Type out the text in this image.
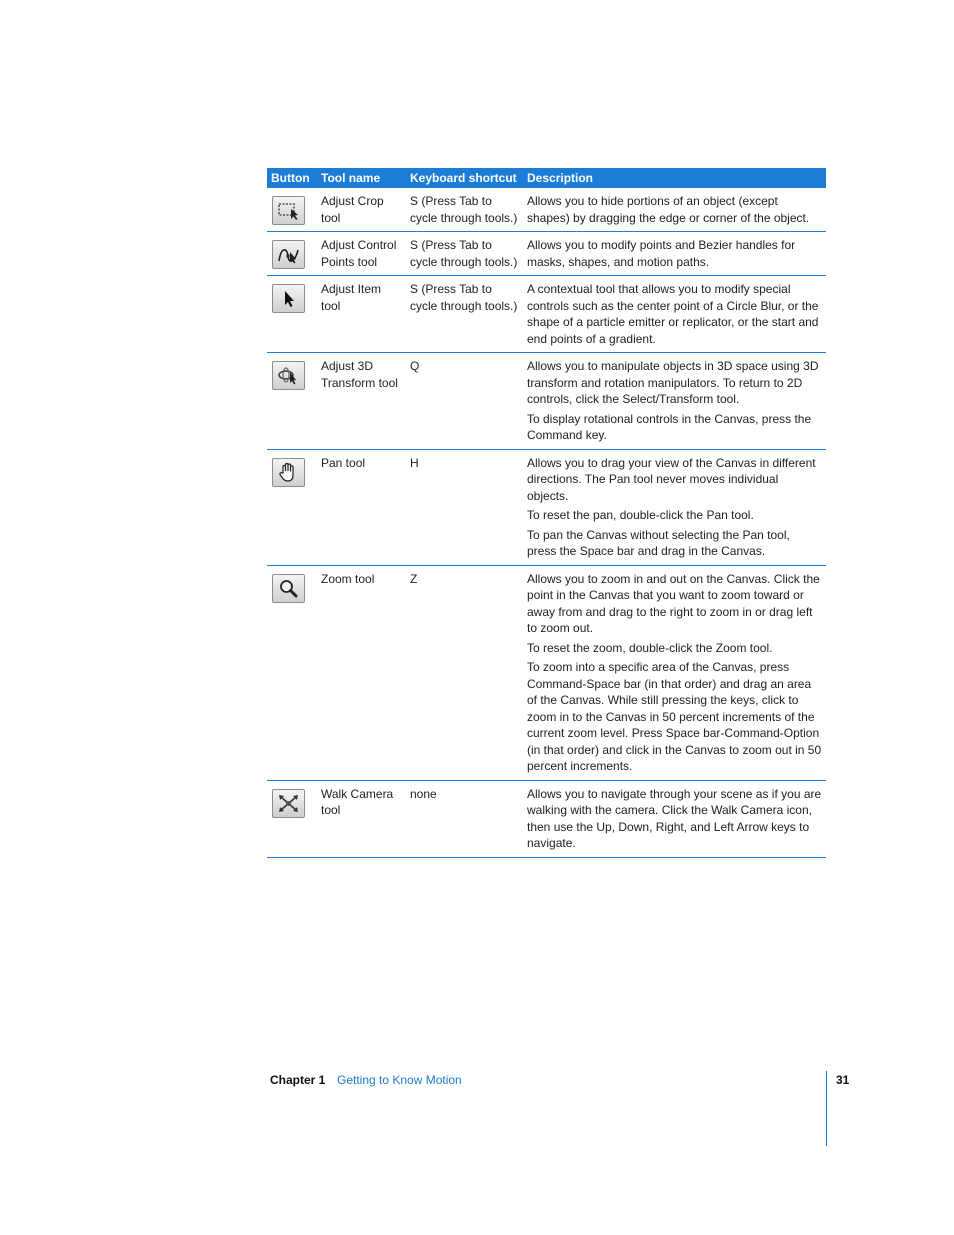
Button	Tool name	Keyboard shortcut	Description

	Adjust Crop tool	S (Press Tab to cycle through tools.)	Allows you to hide portions of an object (except shapes) by dragging the edge or corner of the object.

	Adjust Control Points tool	S (Press Tab to cycle through tools.)	Allows you to modify points and Bezier handles for masks, shapes, and motion paths.

	Adjust Item tool	S (Press Tab to cycle through tools.)	A contextual tool that allows you to modify special controls such as the center point of a Circle Blur, or the shape of a particle emitter or replicator, or the start and end points of a gradient.

	Adjust 3D Transform tool	Q	Allows you to manipulate objects in 3D space using 3D transform and rotation manipulators. To return to 2D controls, click the Select/Transform tool.

To display rotational controls in the Canvas, press the Command key.

	Pan tool	H	Allows you to drag your view of the Canvas in different directions. The Pan tool never moves individual objects.

To reset the pan, double-click the Pan tool.

To pan the Canvas without selecting the Pan tool, press the Space bar and drag in the Canvas.

	Zoom tool	Z	Allows you to zoom in and out on the Canvas. Click the point in the Canvas that you want to zoom toward or away from and drag to the right to zoom in or drag left to zoom out.

To reset the zoom, double-click the Zoom tool.

To zoom into a specific area of the Canvas, press Command-Space bar (in that order) and drag an area of the Canvas. While still pressing the keys, click to zoom in to the Canvas in 50 percent increments of the current zoom level. Press Space bar-Command-Option (in that order) and click in the Canvas to zoom out in 50 percent increments.

	Walk Camera tool	none	Allows you to navigate through your scene as if you are walking with the camera. Click the Walk Camera icon, then use the Up, Down, Right, and Left Arrow keys to navigate.

Chapter 1 Getting to Know Motion	31
